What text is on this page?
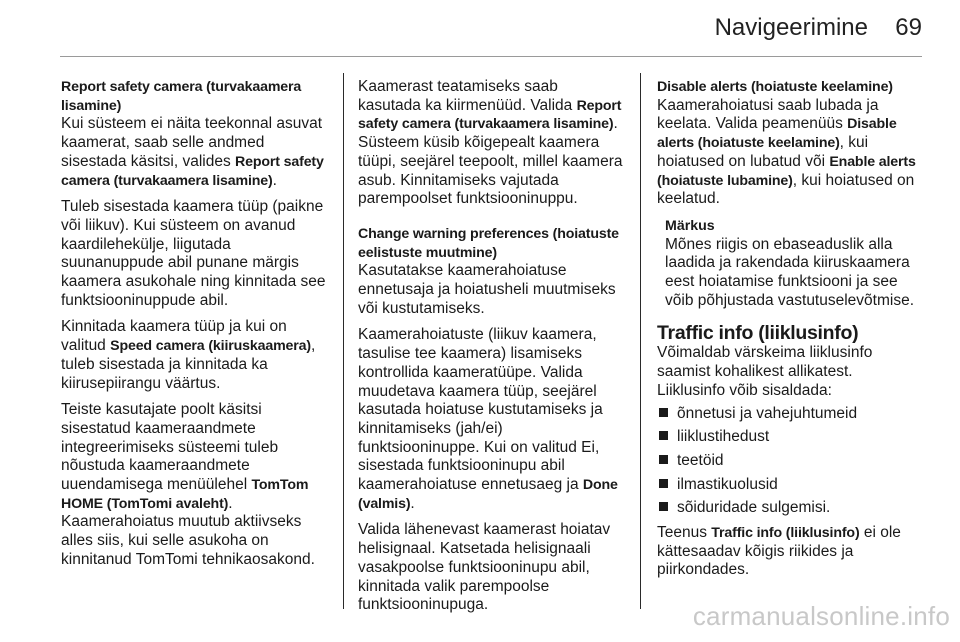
Navigeerimine 69

Report safety camera (turvakaamera lisamine)
Kui süsteem ei näita teekonnal asuvat kaamerat, saab selle andmed sisestada käsitsi, valides Report safety camera (turvakaamera lisamine).

Tuleb sisestada kaamera tüüp (paikne või liikuv). Kui süsteem on avanud kaardilehekülje, liigutada suunanuppude abil punane märgis kaamera asukohale ning kinnitada see funktsiooninuppude abil.

Kinnitada kaamera tüüp ja kui on valitud Speed camera (kiiruskaamera), tuleb sisestada ja kinnitada ka kiirusepiirangu väärtus.

Teiste kasutajate poolt käsitsi sisestatud kaameraandmete integreerimiseks süsteemi tuleb nõustuda kaameraandmete uuendamisega menüülehel TomTom HOME (TomTomi avaleht).

Kaamerahoiatus muutub aktiivseks alles siis, kui selle asukoha on kinnitanud TomTomi tehnikaosakond.

Kaamerast teatamiseks saab kasutada ka kiirmenüüd. Valida Report safety camera (turvakaamera lisamine). Süsteem küsib kõigepealt kaamera tüüpi, seejärel teepoolt, millel kaamera asub. Kinnitamiseks vajutada parempoolset funktsiooninuppu.

Change warning preferences (hoiatuste eelistuste muutmine)
Kasutatakse kaamerahoiatuse ennetusaja ja hoiatusheli muutmiseks või kustutamiseks.

Kaamerahoiatuste (liikuv kaamera, tasulise tee kaamera) lisamiseks kontrollida kaameratüüpe. Valida muudetava kaamera tüüp, seejärel kasutada hoiatuse kustutamiseks ja kinnitamiseks (jah/ei) funktsiooninuppe. Kui on valitud Ei, sisestada funktsiooninupu abil kaamerahoiatuse ennetusaeg ja Done (valmis).

Valida lähenevast kaamerast hoiatav helisignaal. Katsetada helisignaali vasakpoolse funktsiooninupu abil, kinnitada valik parempoolse funktsiooninupuga.

Disable alerts (hoiatuste keelamine)
Kaamerahoiatusi saab lubada ja keelata. Valida peamenüüs Disable alerts (hoiatuste keelamine), kui hoiatused on lubatud või Enable alerts (hoiatuste lubamine), kui hoiatused on keelatud.

Märkus
Mõnes riigis on ebaseaduslik alla laadida ja rakendada kiiruskaamera eest hoiatamise funktsiooni ja see võib põhjustada vastutuselevõtmise.
Traffic info (liiklusinfo)
Võimaldab värskeima liiklusinfo saamist kohalikest allikatest.
Liiklusinfo võib sisaldada:
õnnetusi ja vahejuhtumeid
liiklustihedust
teetöid
ilmastikuolusid
sõiduridade sulgemisi.

Teenus Traffic info (liiklusinfo) ei ole kättesaadav kõigis riikides ja piirkondades.

carmanualsonline.info
